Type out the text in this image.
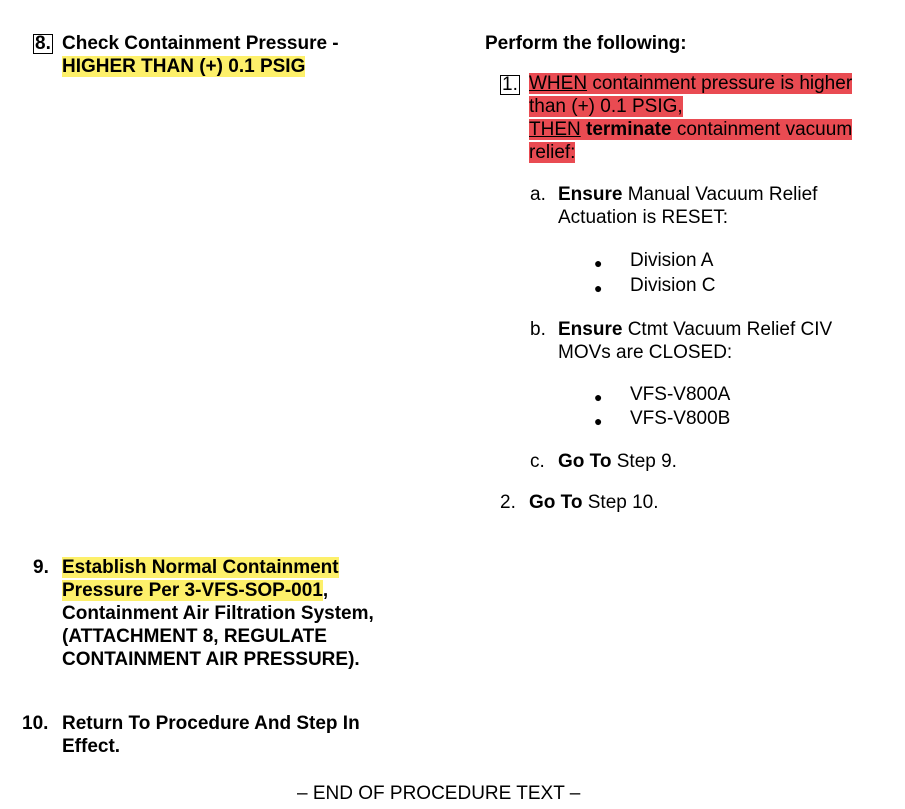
8. Check Containment Pressure -
HIGHER THAN (+) 0.1 PSIG
Perform the following:
1. WHEN containment pressure is higher
than (+) 0.1 PSIG,
THEN terminate containment vacuum
relief:
a. Ensure Manual Vacuum Relief
Actuation is RESET:
● Division A
● Division C
b. Ensure Ctmt Vacuum Relief CIV
MOVs are CLOSED:
● VFS-V800A
● VFS-V800B
c. Go To Step 9.
2. Go To Step 10.
9. Establish Normal Containment
Pressure Per 3-VFS-SOP-001,
Containment Air Filtration System,
(ATTACHMENT 8, REGULATE
CONTAINMENT AIR PRESSURE).
10. Return To Procedure And Step In
Effect.
– END OF PROCEDURE TEXT –
